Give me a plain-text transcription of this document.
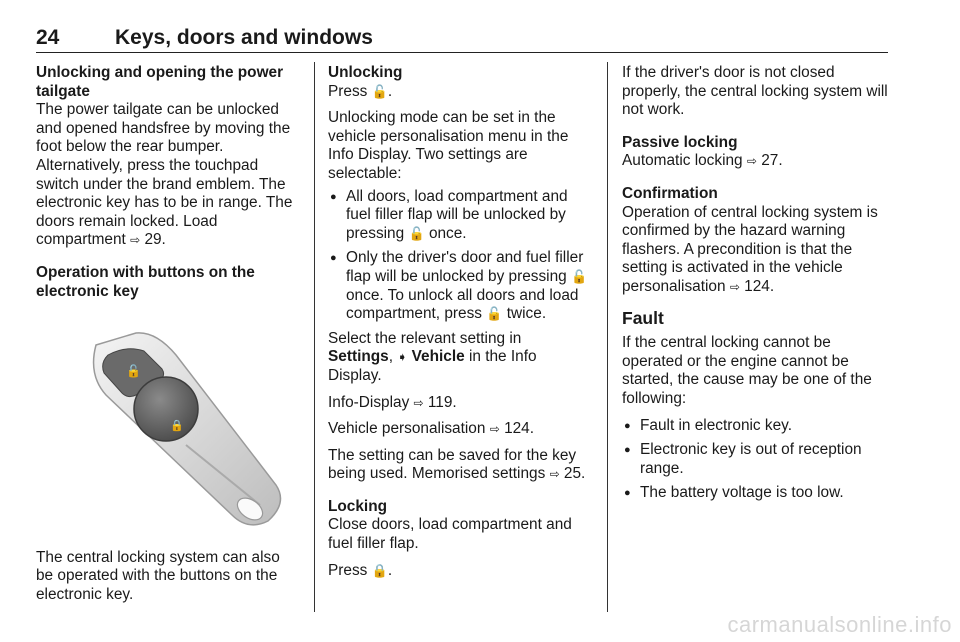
24	Keys, doors and windows

Unlocking and opening the power tailgate

The power tailgate can be unlocked and opened handsfree by moving the foot below the rear bumper. Alternatively, press the touchpad switch under the brand emblem. The electronic key has to be in range. The doors remain locked. Load compartment ⇨ 29.

Operation with buttons on the electronic key

🔓
🔒

The central locking system can also be operated with the buttons on the electronic key.

Unlocking

Press 🔓.

Unlocking mode can be set in the vehicle personalisation menu in the Info Display. Two settings are selectable:

● All doors, load compartment and fuel filler flap will be unlocked by pressing 🔓 once.
● Only the driver's door and fuel filler flap will be unlocked by pressing 🔓 once. To unlock all doors and load compartment, press 🔓 twice.

Select the relevant setting in Settings, ➧ Vehicle in the Info Display.

Info-Display ⇨ 119.

Vehicle personalisation ⇨ 124.

The setting can be saved for the key being used. Memorised settings ⇨ 25.

Locking

Close doors, load compartment and fuel filler flap.

Press 🔒.

If the driver's door is not closed properly, the central locking system will not work.

Passive locking

Automatic locking ⇨ 27.

Confirmation

Operation of central locking system is confirmed by the hazard warning flashers. A precondition is that the setting is activated in the vehicle personalisation ⇨ 124.

Fault

If the central locking cannot be operated or the engine cannot be started, the cause may be one of the following:

● Fault in electronic key.
● Electronic key is out of reception range.
● The battery voltage is too low.
carmanualsonline.info
